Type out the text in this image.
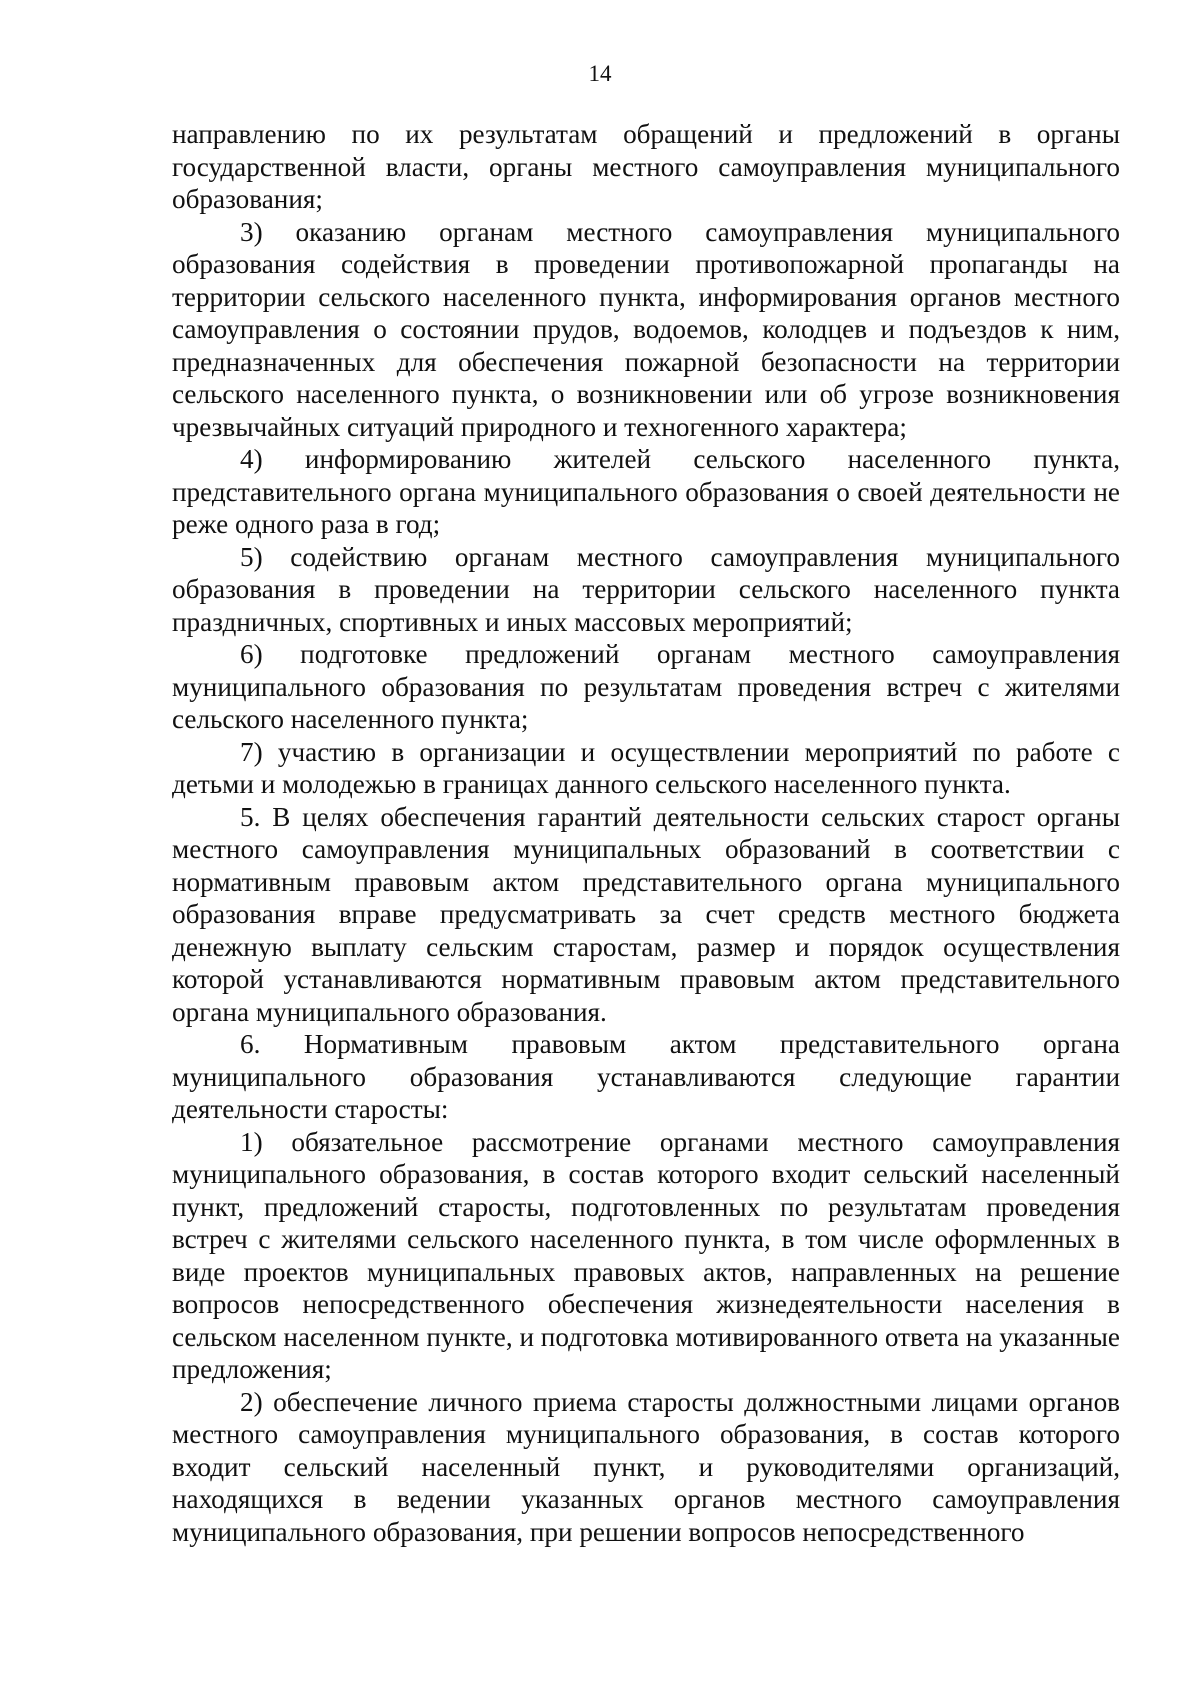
14

направлению по их результатам обращений и предложений в органы государственной власти, органы местного самоуправления муниципального образования;

3) оказанию органам местного самоуправления муниципального образования содействия в проведении противопожарной пропаганды на территории сельского населенного пункта, информирования органов местного самоуправления о состоянии прудов, водоемов, колодцев и подъездов к ним, предназначенных для обеспечения пожарной безопасности на территории сельского населенного пункта, о возникновении или об угрозе возникновения чрезвычайных ситуаций природного и техногенного характера;

4) информированию жителей сельского населенного пункта, представительного органа муниципального образования о своей деятельности не реже одного раза в год;

5) содействию органам местного самоуправления муниципального образования в проведении на территории сельского населенного пункта праздничных, спортивных и иных массовых мероприятий;

6) подготовке предложений органам местного самоуправления муниципального образования по результатам проведения встреч с жителями сельского населенного пункта;

7) участию в организации и осуществлении мероприятий по работе с детьми и молодежью в границах данного сельского населенного пункта.

5. В целях обеспечения гарантий деятельности сельских старост органы местного самоуправления муниципальных образований в соответствии с нормативным правовым актом представительного органа муниципального образования вправе предусматривать за счет средств местного бюджета денежную выплату сельским старостам, размер и порядок осуществления которой устанавливаются нормативным правовым актом представительного органа муниципального образования.

6. Нормативным правовым актом представительного органа муниципального образования устанавливаются следующие гарантии деятельности старосты:

1) обязательное рассмотрение органами местного самоуправления муниципального образования, в состав которого входит сельский населенный пункт, предложений старосты, подготовленных по результатам проведения встреч с жителями сельского населенного пункта, в том числе оформленных в виде проектов муниципальных правовых актов, направленных на решение вопросов непосредственного обеспечения жизнедеятельности населения в сельском населенном пункте, и подготовка мотивированного ответа на указанные предложения;

2) обеспечение личного приема старосты должностными лицами органов местного самоуправления муниципального образования, в состав которого входит сельский населенный пункт, и руководителями организаций, находящихся в ведении указанных органов местного самоуправления муниципального образования, при решении вопросов непосредственного
